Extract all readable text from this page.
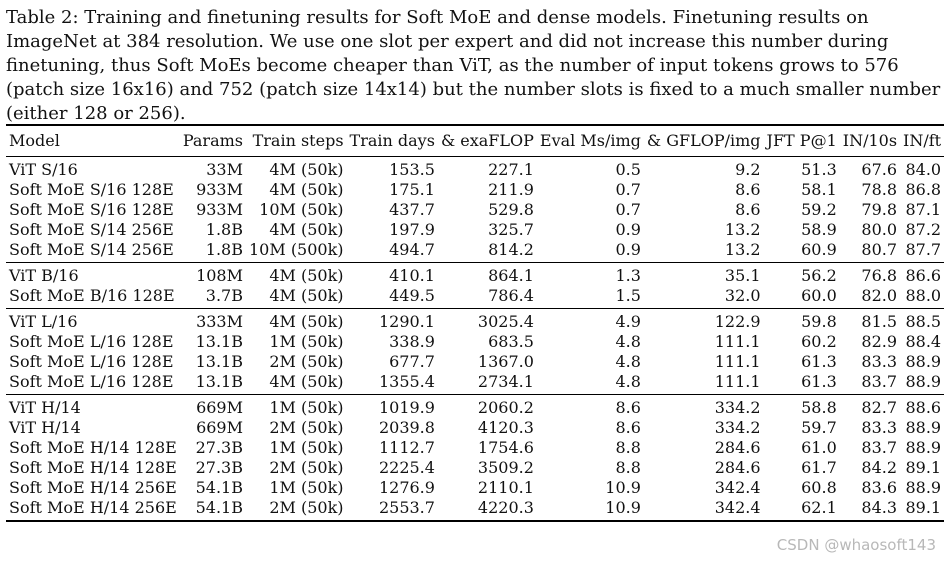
Table 2: Training and finetuning results for Soft MoE and dense models. Finetuning results on ImageNet at 384 resolution. We use one slot per expert and did not increase this number during finetuning, thus Soft MoEs become cheaper than ViT, as the number of input tokens grows to 576 (patch size 16x16) and 752 (patch size 14x14) but the number slots is fixed to a much smaller number (either 128 or 256).

Model	Params	Train steps	Train days	& exaFLOP	Eval Ms/img	& GFLOP/img	JFT P@1	IN/10s	IN/ft
ViT S/16	33M	4M (50k)	153.5	227.1	0.5	9.2	51.3	67.6	84.0
Soft MoE S/16 128E	933M	4M (50k)	175.1	211.9	0.7	8.6	58.1	78.8	86.8
Soft MoE S/16 128E	933M	10M (50k)	437.7	529.8	0.7	8.6	59.2	79.8	87.1
Soft MoE S/14 256E	1.8B	4M (50k)	197.9	325.7	0.9	13.2	58.9	80.0	87.2
Soft MoE S/14 256E	1.8B	10M (500k)	494.7	814.2	0.9	13.2	60.9	80.7	87.7
ViT B/16	108M	4M (50k)	410.1	864.1	1.3	35.1	56.2	76.8	86.6
Soft MoE B/16 128E	3.7B	4M (50k)	449.5	786.4	1.5	32.0	60.0	82.0	88.0
ViT L/16	333M	4M (50k)	1290.1	3025.4	4.9	122.9	59.8	81.5	88.5
Soft MoE L/16 128E	13.1B	1M (50k)	338.9	683.5	4.8	111.1	60.2	82.9	88.4
Soft MoE L/16 128E	13.1B	2M (50k)	677.7	1367.0	4.8	111.1	61.3	83.3	88.9
Soft MoE L/16 128E	13.1B	4M (50k)	1355.4	2734.1	4.8	111.1	61.3	83.7	88.9
ViT H/14	669M	1M (50k)	1019.9	2060.2	8.6	334.2	58.8	82.7	88.6
ViT H/14	669M	2M (50k)	2039.8	4120.3	8.6	334.2	59.7	83.3	88.9
Soft MoE H/14 128E	27.3B	1M (50k)	1112.7	1754.6	8.8	284.6	61.0	83.7	88.9
Soft MoE H/14 128E	27.3B	2M (50k)	2225.4	3509.2	8.8	284.6	61.7	84.2	89.1
Soft MoE H/14 256E	54.1B	1M (50k)	1276.9	2110.1	10.9	342.4	60.8	83.6	88.9
Soft MoE H/14 256E	54.1B	2M (50k)	2553.7	4220.3	10.9	342.4	62.1	84.3	89.1
CSDN @whaosoft143
